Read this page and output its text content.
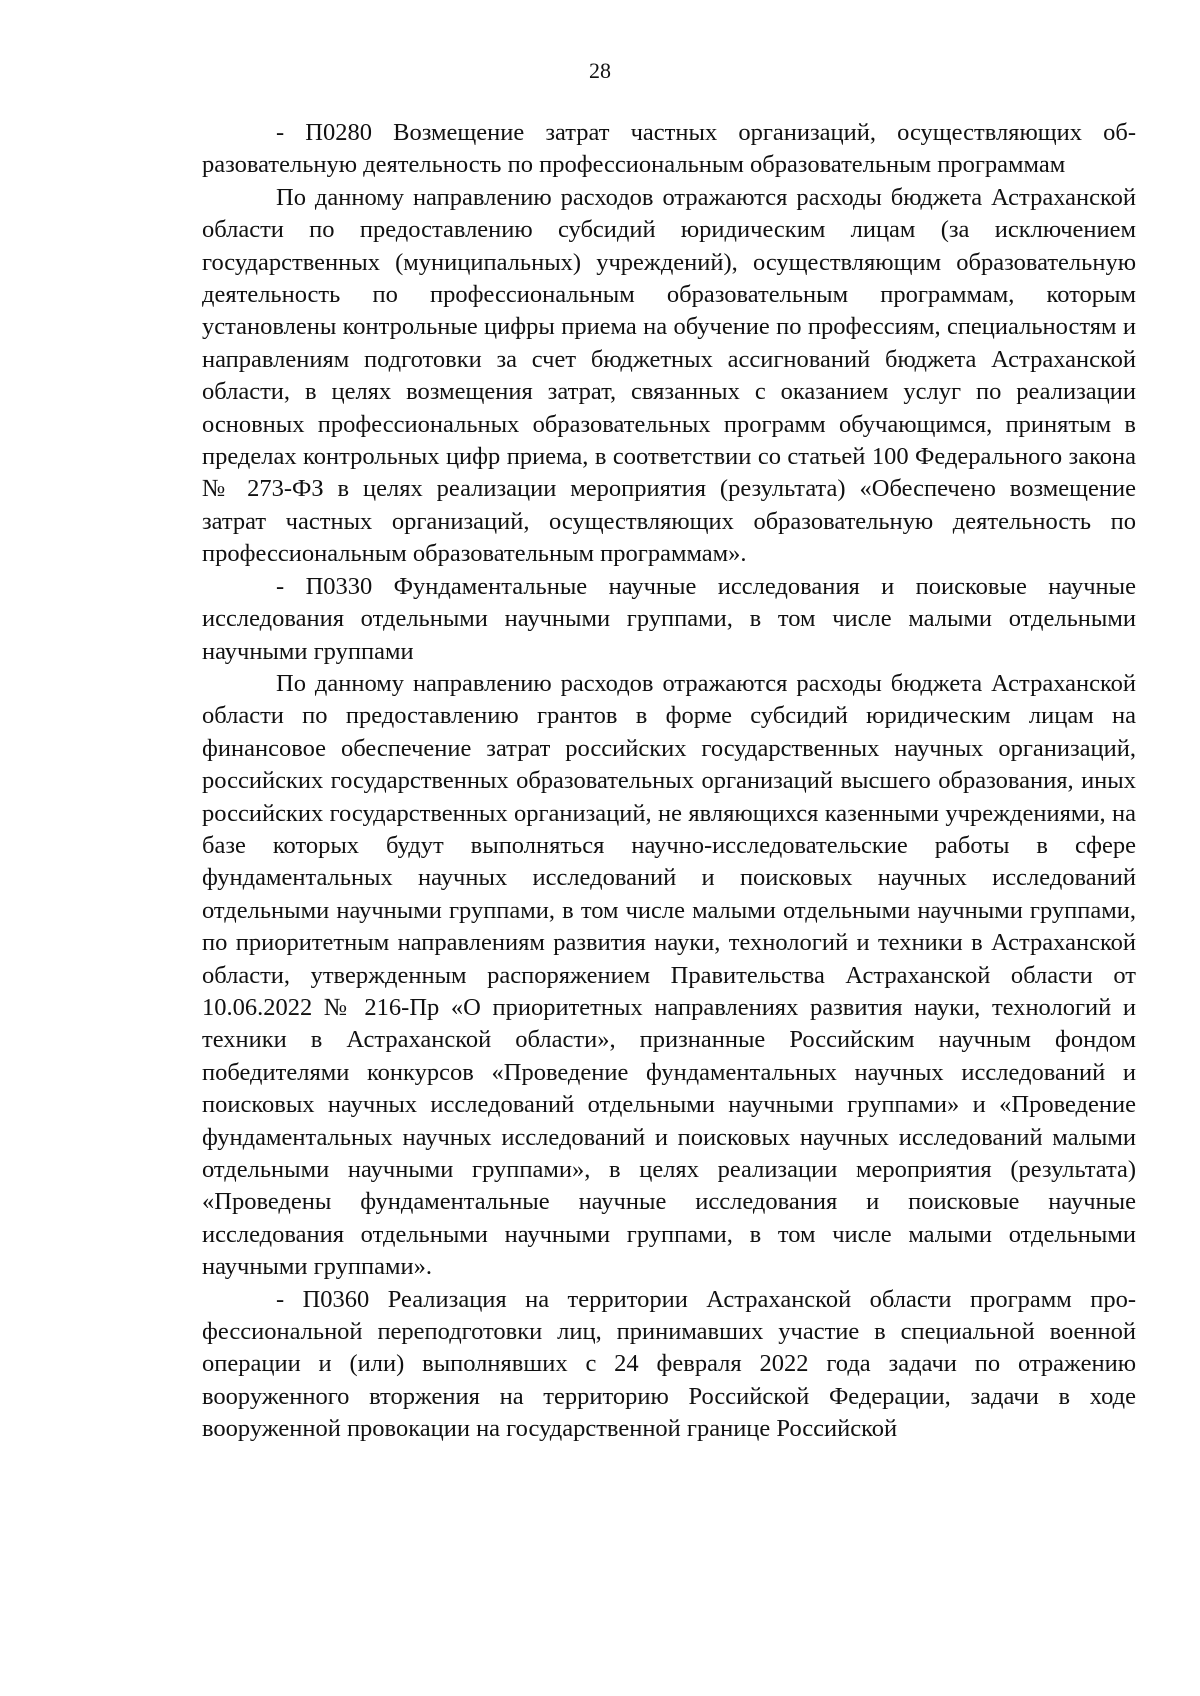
28

- П0280 Возмещение затрат частных организаций, осуществляющих образовательную деятельность по профессиональным образовательным программам

По данному направлению расходов отражаются расходы бюджета Астраханской области по предоставлению субсидий юридическим лицам (за исключением государственных (муниципальных) учреждений), осуществляющим образовательную деятельность по профессиональным образовательным программам, которым установлены контрольные цифры приема на обучение по профессиям, специальностям и направлениям подготовки за счет бюджетных ассигнований бюджета Астраханской области, в целях возмещения затрат, связанных с оказанием услуг по реализации основных профессиональных образовательных программ обучающимся, принятым в пределах контрольных цифр приема, в соответствии со статьей 100 Федерального закона № 273-ФЗ в целях реализации мероприятия (результата) «Обеспечено возмещение затрат частных организаций, осуществляющих образовательную деятельность по профессиональным образовательным программам».

- П0330 Фундаментальные научные исследования и поисковые научные исследования отдельными научными группами, в том числе малыми отдельными научными группами

По данному направлению расходов отражаются расходы бюджета Астраханской области по предоставлению грантов в форме субсидий юридическим лицам на финансовое обеспечение затрат российских государственных научных организаций, российских государственных образовательных организаций высшего образования, иных российских государственных организаций, не являющихся казенными учреждениями, на базе которых будут выполняться научно-исследовательские работы в сфере фундаментальных научных исследований и поисковых научных исследований отдельными научными группами, в том числе малыми отдельными научными группами, по приоритетным направлениям развития науки, технологий и техники в Астраханской области, утвержденным распоряжением Правительства Астраханской области от 10.06.2022 № 216-Пр «О приоритетных направлениях развития науки, технологий и техники в Астраханской области», признанные Российским научным фондом победителями конкурсов «Проведение фундаментальных научных исследований и поисковых научных исследований отдельными научными группами» и «Проведение фундаментальных научных исследований и поисковых научных исследований малыми отдельными научными группами», в целях реализации мероприятия (результата) «Проведены фундаментальные научные исследования и поисковые научные исследования отдельными научными группами, в том числе малыми отдельными научными группами».

- П0360 Реализация на территории Астраханской области программ профессиональной переподготовки лиц, принимавших участие в специальной военной операции и (или) выполнявших с 24 февраля 2022 года задачи по отражению вооруженного вторжения на территорию Российской Федерации, задачи в ходе вооруженной провокации на государственной границе Российской
